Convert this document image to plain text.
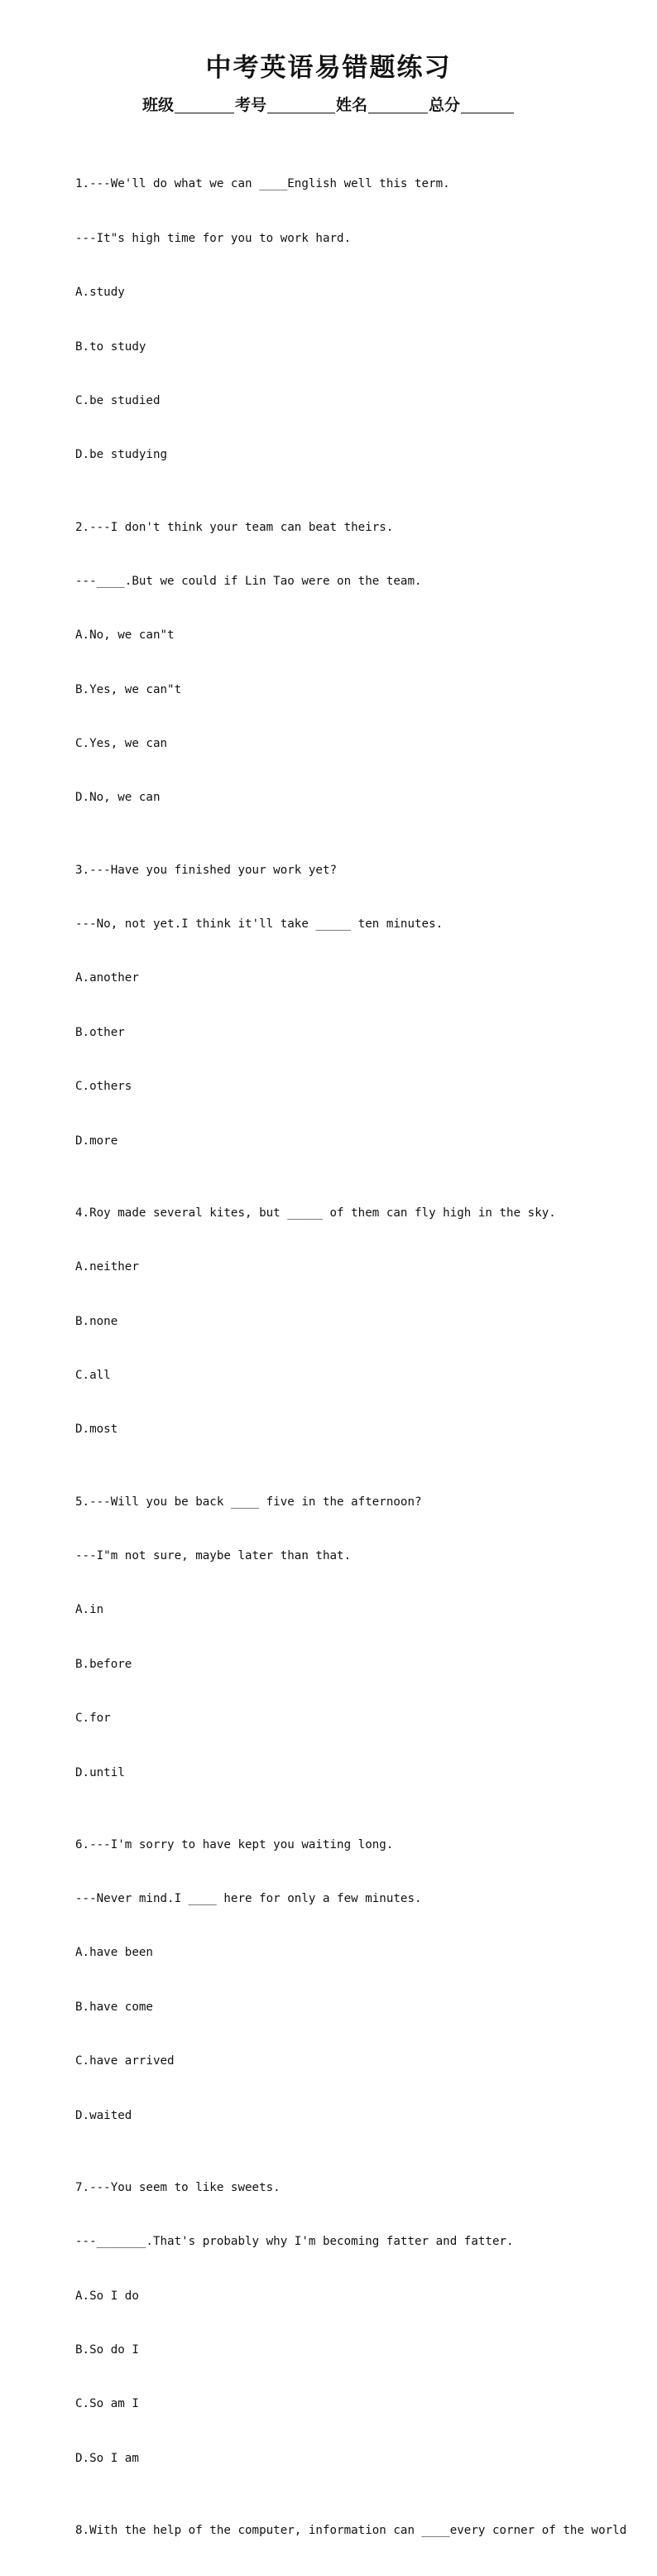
中考英语易错题练习
班级	考号	姓名	总分

1.---We'll do what we can ____English well this term.

---It"s high time for you to work hard.

A.study

B.to study

C.be studied

D.be studying

2.---I don't think your team can beat theirs.

---____.But we could if Lin Tao were on the team.

A.No, we can"t

B.Yes, we can"t

C.Yes, we can

D.No, we can

3.---Have you finished your work yet?

---No, not yet.I think it'll take _____ ten minutes.

A.another

B.other

C.others

D.more

4.Roy made several kites, but _____ of them can fly high in the sky.

A.neither

B.none

C.all

D.most

5.---Will you be back ____ five in the afternoon?

---I"m not sure, maybe later than that.

A.in

B.before

C.for

D.until

6.---I'm sorry to have kept you waiting long.

---Never mind.I ____ here for only a few minutes.

A.have been

B.have come

C.have arrived

D.waited

7.---You seem to like sweets.

---_______.That's probably why I'm becoming fatter and fatter.

A.So I do

B.So do I

C.So am I

D.So I am

8.With the help of the computer, information can ____every corner of the world
